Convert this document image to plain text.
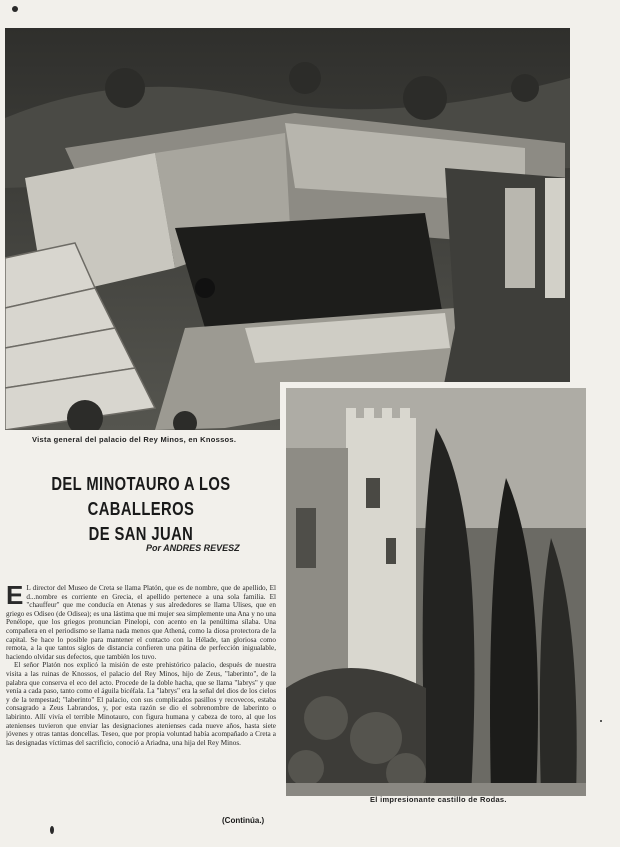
Vista general del palacio del Rey Minos, en Knossos.
El impresionante castillo de Rodas.
DEL MINOTAURO A LOS CABALLEROS
DE SAN JUAN
Por ANDRES REVESZ

E L director del Museo de Creta se llama Platón, que es de nombre, que de apellido, El d...nombre es corriente en Grecia, el apellido pertenece a una sola familia. El "chauffeur" que me conducía en Atenas y sus alrededores se llama Ulises, que en griego es Odiseo (de Odisea); es una lástima que mi mujer sea simplemente una Ana y no una Penélope, que los griegos pronuncian Pinelopi, con acento en la penúltima sílaba. Una compañera en el periodismo se llama nada menos que Athená, como la diosa protectora de la capital. Se hace lo posible para mantener el contacto con la Hélade, tan gloriosa como remota, a la que tantos siglos de distancia confieren una pátina de perfección inigualable, haciendo olvidar sus defectos, que también los tuvo.

El señor Platón nos explicó la misión de este prehistórico palacio, después de nuestra visita a las ruinas de Knossos, el palacio del Rey Minos, hijo de Zeus, "laberinto", de la palabra que conserva el eco del acto. Procede de la doble hacha, que se llama "labrys" y que venía a cada paso, tanto como el águila bicéfala. La "labrys" era la señal del dios de los cielos y de la tempestad; "laberinto" El palacio, con sus complicados pasillos y recovecos, estaba consagrado a Zeus Labrandos, y, por esta razón se dio el sobrenombre de laberinto o labirinto. Allí vivía el terrible Minotauro, con figura humana y cabeza de toro, al que los atenienses tuvieron que enviar las designaciones atenienses cada nueve años, hasta siete jóvenes y otras tantas doncellas. Teseo, que por propia voluntad había acompañado a Creta a las designadas víctimas del sacrificio, conoció a Ariadna, una hija del Rey Minos.

(Continúa.)
